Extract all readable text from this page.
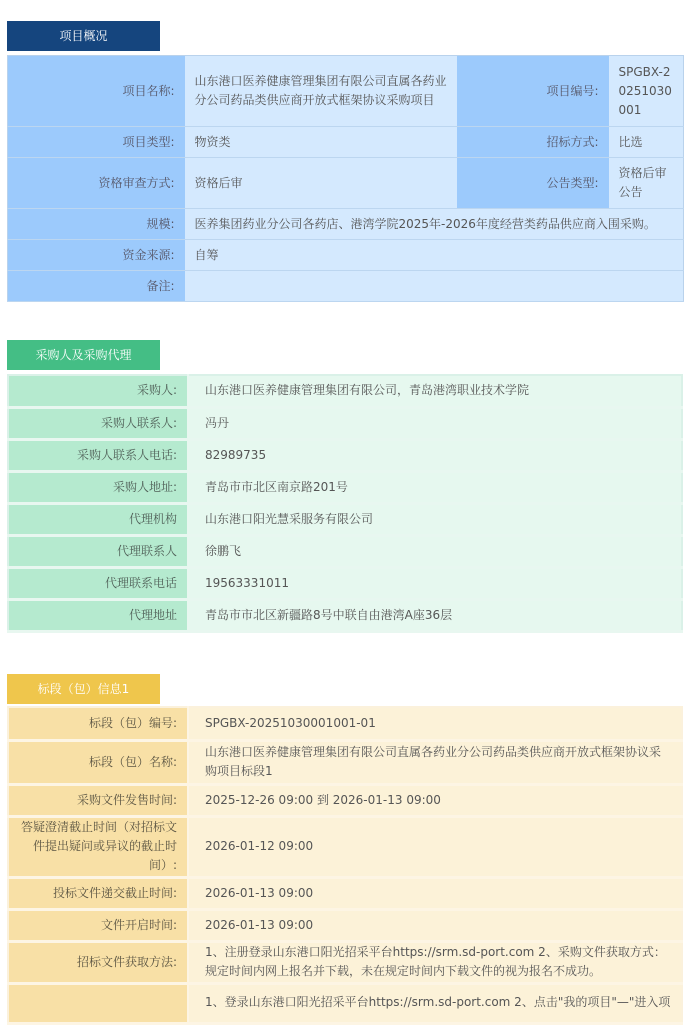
项目概况
项目名称:	山东港口医养健康管理集团有限公司直属各药业分公司药品类供应商开放式框架协议采购项目	项目编号:	SPGBX-20251030001
项目类型:	物资类	招标方式:	比选
资格审查方式:	资格后审	公告类型:	资格后审公告
规模:	医养集团药业分公司各药店、港湾学院2025年-2026年度经营类药品供应商入围采购。		
资金来源:	自筹		
备注:			
采购人及采购代理
采购人:	山东港口医养健康管理集团有限公司，青岛港湾职业技术学院
采购人联系人:	冯丹
采购人联系人电话:	82989735
采购人地址:	青岛市市北区南京路201号
代理机构	山东港口阳光慧采服务有限公司
代理联系人	徐鹏飞
代理联系电话	19563331011
代理地址	青岛市市北区新疆路8号中联自由港湾A座36层
标段（包）信息1
标段（包）编号:	SPGBX-20251030001001-01
标段（包）名称:	山东港口医养健康管理集团有限公司直属各药业分公司药品类供应商开放式框架协议采购项目标段1
采购文件发售时间:	2025-12-26 09:00 到 2026-01-13 09:00
答疑澄清截止时间（对招标文件提出疑问或异议的截止时间）:	2026-01-12 09:00
投标文件递交截止时间:	2026-01-13 09:00
文件开启时间:	2026-01-13 09:00
招标文件获取方法:	1、注册登录山东港口阳光招采平台https://srm.sd-port.com 2、采购文件获取方式：规定时间内网上报名并下载，未在规定时间内下载文件的视为报名不成功。
	1、登录山东港口阳光招采平台https://srm.sd-port.com 2、点击"我的项目"—"进入项
